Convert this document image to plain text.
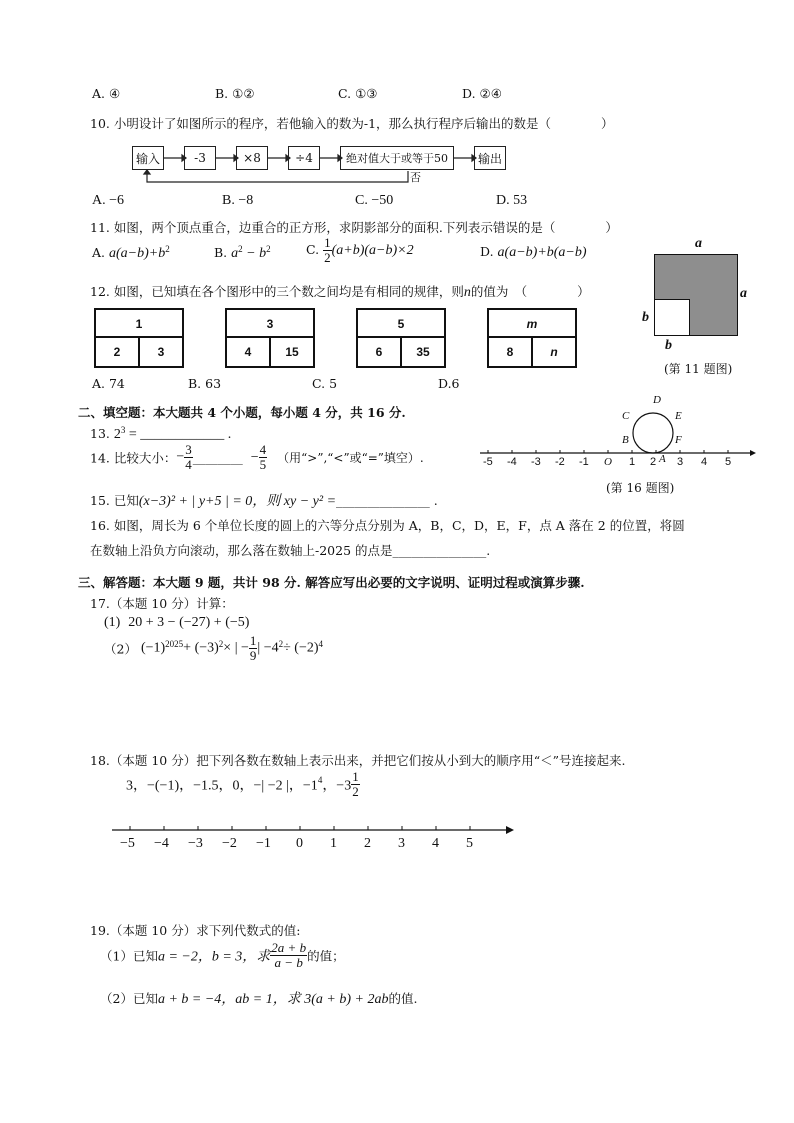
A. ④	B. ①②	C. ①③	D. ②④
10. 小明设计了如图所示的程序，若他输入的数为-1，那么执行程序后输出的数是（　　　　）
输入	-3	×8	÷4	绝对值大于或等于50	输出
否
A. −6	B. −8	C. −50	D. 53
11. 如图，两个顶点重合，边重合的正方形，求阴影部分的面积.下列表示错误的是（　　　　）
A. $a(a-b)+b^2$	B. $a^2 - b^2$	C. $\frac{1}{2} (a+b)(a-b)\times 2$	D. a(a−b)+b(a−b)
a
a
b
b
(第 11 题图)
12. 如图，已知填在各个图形中的三个数之间均是有相同的规律，则n的值为　（　　　　）
1
2	3
3
4	15
5
6	35
m
8	n
A. 74	B. 63	C. 5	D.6
二、填空题：本大题共 4 个小题，每小题 4 分，共 16 分.
13. $2^3$ = ____________ .
14. 比较大小：− $\frac{3}{4}$ ________ − $\frac{4}{5}$ （用“>”,“<”或“=”填空）.
15. 已知(x−3)² + | y+5 | = 0，则 xy − y² =_______________ .
C
D
E
B	F
A
-5 -4 -3 -2 -1 O 1 2 3 4 5
(第 16 题图)
16. 如图，周长为 6 个单位长度的圆上的六等分点分别为 A，B，C，D，E，F，点 A 落在 2 的位置，将圆
在数轴上沿负方向滚动，那么落在数轴上-2025 的点是_______________.
三、解答题：本大题 9 题，共计 98 分. 解答应写出必要的文字说明、证明过程或演算步骤.
17.（本题 10 分）计算：
(1) 20 + 3 − (−27) + (−5)
（2） $(-1)^{2025}+ (-3)^2\times$ | − $\frac{1}{9}$ | $-4^2\div (-2)^4$
18.（本题 10 分）把下列各数在数轴上表示出来，并把它们按从小到大的顺序用“＜”号连接起来.
3，−(−1)，−1.5，0，−| −2 |，$-1^4$，$-3 \frac{1}{2}$
−5 −4 −3 −2 −1 0 1 2 3 4 5
19.（本题 10 分）求下列代数式的值:
（1）已知a = −2，b = 3，求 $\frac{2a + b}{a - b}$ 的值；
（2）已知a + b = −4，ab = 1，求 3(a + b) + 2ab的值.
